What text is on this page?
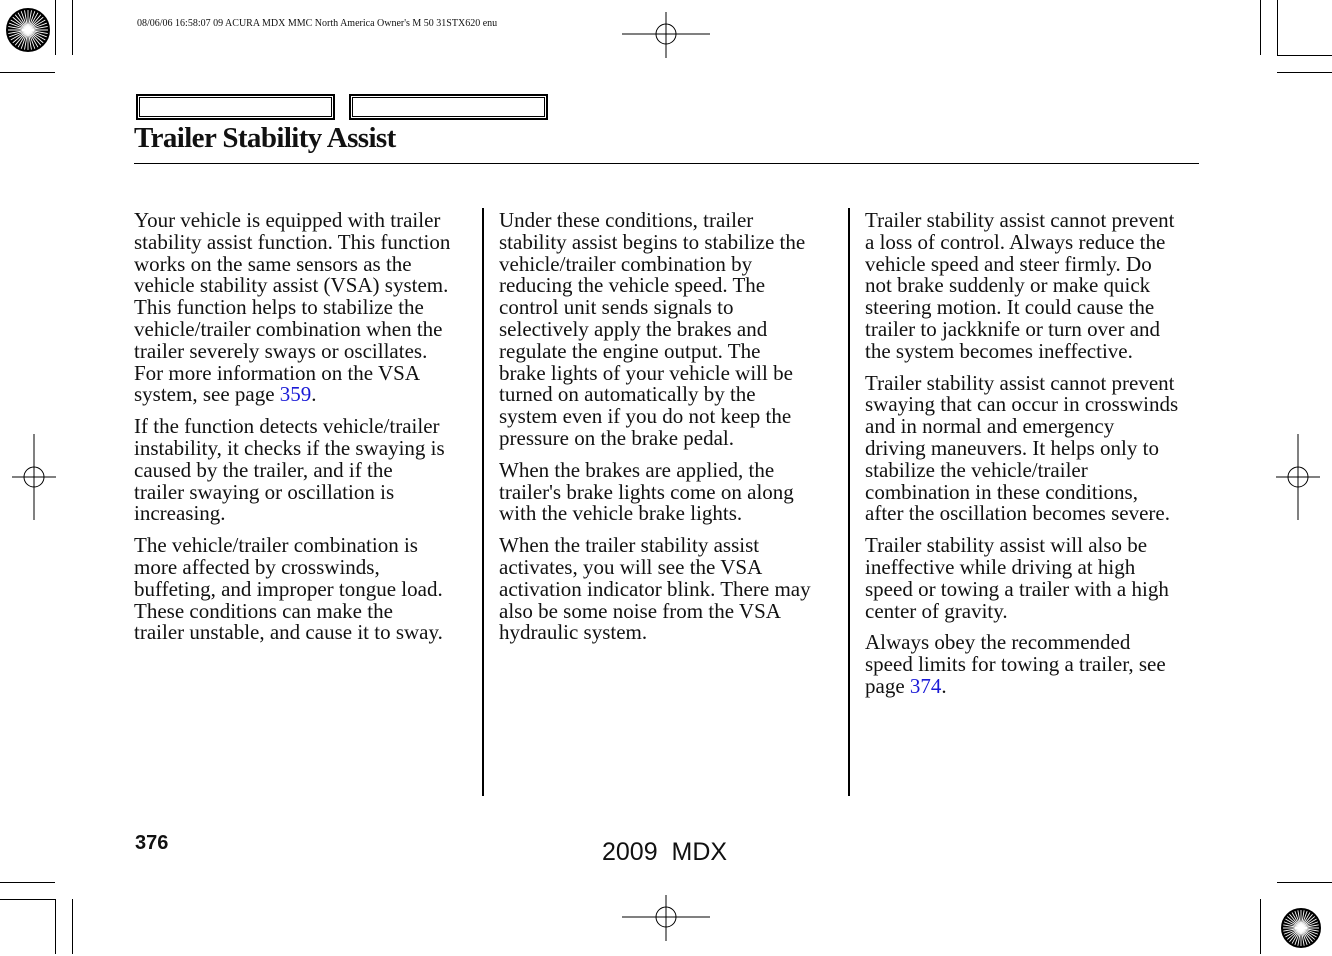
08/06/06 16:58:07 09 ACURA MDX MMC North America Owner's M 50 31STX620 enu
Trailer Stability Assist

Your vehicle is equipped with trailer
stability assist function. This function
works on the same sensors as the
vehicle stability assist (VSA) system.
This function helps to stabilize the
vehicle/trailer combination when the
trailer severely sways or oscillates.
For more information on the VSA
system, see page 359.

If the function detects vehicle/trailer
instability, it checks if the swaying is
caused by the trailer, and if the
trailer swaying or oscillation is
increasing.

The vehicle/trailer combination is
more affected by crosswinds,
buffeting, and improper tongue load.
These conditions can make the
trailer unstable, and cause it to sway.

Under these conditions, trailer
stability assist begins to stabilize the
vehicle/trailer combination by
reducing the vehicle speed. The
control unit sends signals to
selectively apply the brakes and
regulate the engine output. The
brake lights of your vehicle will be
turned on automatically by the
system even if you do not keep the
pressure on the brake pedal.

When the brakes are applied, the
trailer's brake lights come on along
with the vehicle brake lights.

When the trailer stability assist
activates, you will see the VSA
activation indicator blink. There may
also be some noise from the VSA
hydraulic system.

Trailer stability assist cannot prevent
a loss of control. Always reduce the
vehicle speed and steer firmly. Do
not brake suddenly or make quick
steering motion. It could cause the
trailer to jackknife or turn over and
the system becomes ineffective.

Trailer stability assist cannot prevent
swaying that can occur in crosswinds
and in normal and emergency
driving maneuvers. It helps only to
stabilize the vehicle/trailer
combination in these conditions,
after the oscillation becomes severe.

Trailer stability assist will also be
ineffective while driving at high
speed or towing a trailer with a high
center of gravity.

Always obey the recommended
speed limits for towing a trailer, see
page 374.

376	2009  MDX
